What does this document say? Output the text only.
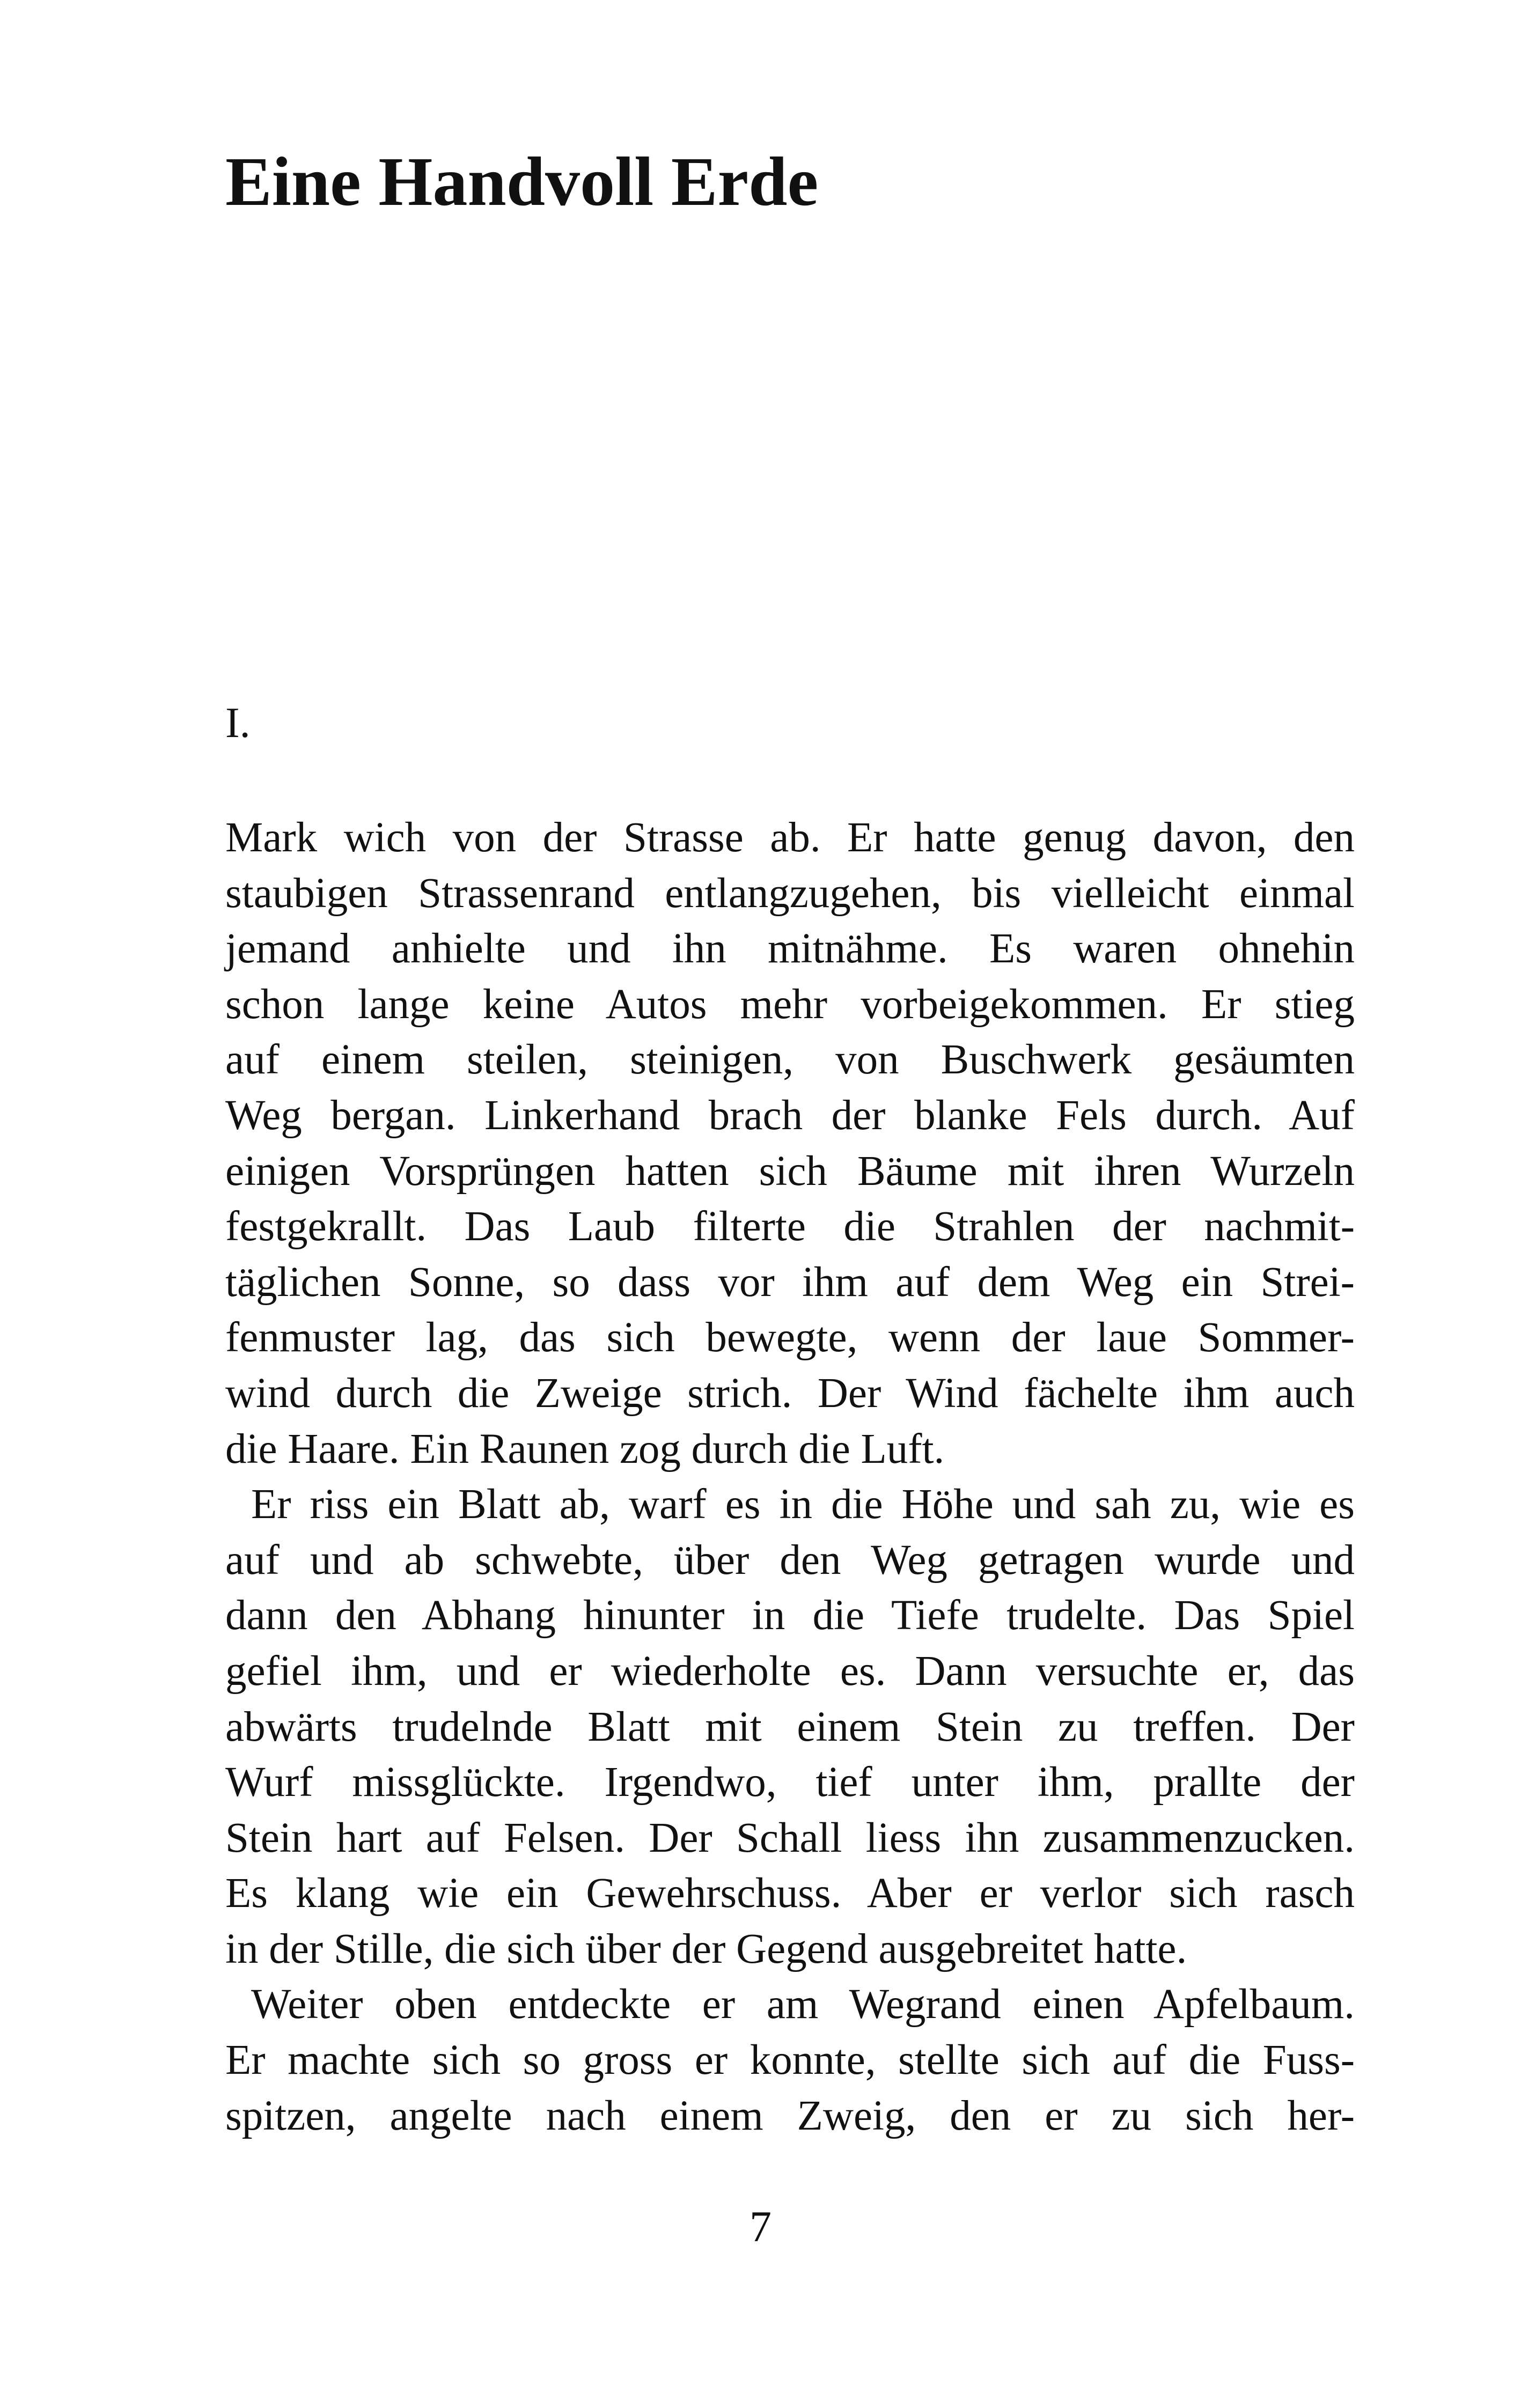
Eine Handvoll Erde

I.

Mark wich von der Strasse ab. Er hatte genug davon, den
staubigen Strassenrand entlangzugehen, bis vielleicht einmal
jemand anhielte und ihn mitnähme. Es waren ohnehin
schon lange keine Autos mehr vorbeigekommen. Er stieg
auf einem steilen, steinigen, von Buschwerk gesäumten
Weg bergan. Linkerhand brach der blanke Fels durch. Auf
einigen Vorsprüngen hatten sich Bäume mit ihren Wurzeln
festgekrallt. Das Laub filterte die Strahlen der nachmit-
täglichen Sonne, so dass vor ihm auf dem Weg ein Strei-
fenmuster lag, das sich bewegte, wenn der laue Sommer-
wind durch die Zweige strich. Der Wind fächelte ihm auch
die Haare. Ein Raunen zog durch die Luft.
Er riss ein Blatt ab, warf es in die Höhe und sah zu, wie es
auf und ab schwebte, über den Weg getragen wurde und
dann den Abhang hinunter in die Tiefe trudelte. Das Spiel
gefiel ihm, und er wiederholte es. Dann versuchte er, das
abwärts trudelnde Blatt mit einem Stein zu treffen. Der
Wurf missglückte. Irgendwo, tief unter ihm, prallte der
Stein hart auf Felsen. Der Schall liess ihn zusammenzucken.
Es klang wie ein Gewehrschuss. Aber er verlor sich rasch
in der Stille, die sich über der Gegend ausgebreitet hatte.
Weiter oben entdeckte er am Wegrand einen Apfelbaum.
Er machte sich so gross er konnte, stellte sich auf die Fuss-
spitzen, angelte nach einem Zweig, den er zu sich her-

7
